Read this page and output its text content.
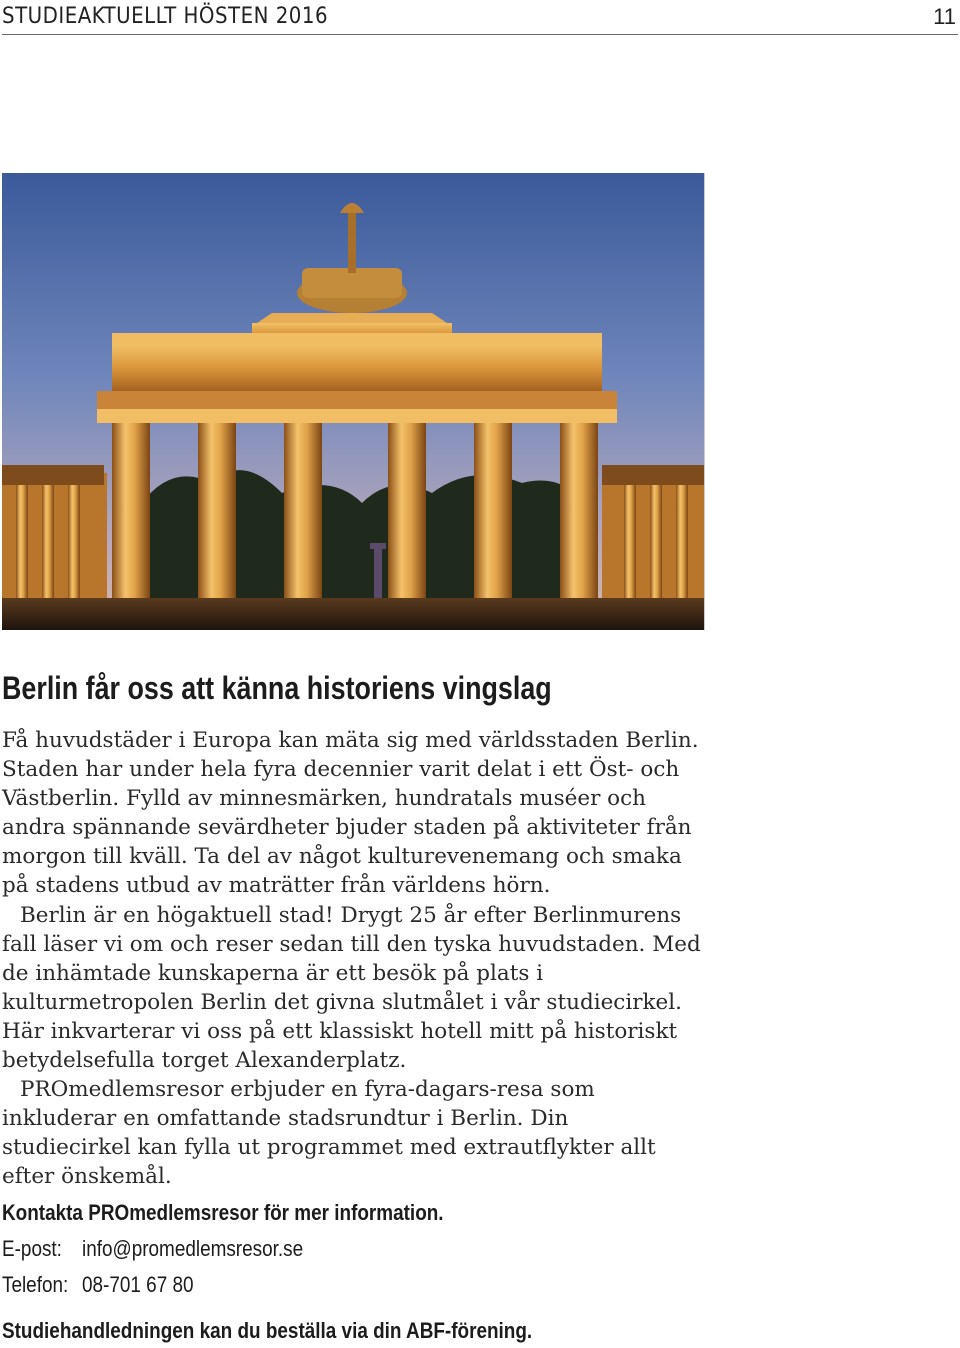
STUDIEAKTUELLT HÖSTEN 2016	11
Berlin får oss att känna historiens vingslag

Få huvudstäder i Europa kan mäta sig med världsstaden Berlin. Staden har under hela fyra decennier varit delat i ett Öst- och Västberlin. Fylld av minnesmärken, hundratals muséer och andra spännande sevärdheter bjuder staden på aktiviteter från morgon till kväll. Ta del av något kulturevenemang och smaka på stadens utbud av maträtter från världens hörn.

Berlin är en högaktuell stad! Drygt 25 år efter Berlinmurens fall läser vi om och reser sedan till den tyska huvudstaden. Med de inhämtade kunskaperna är ett besök på plats i kulturmetropolen Berlin det givna slutmålet i vår studiecirkel. Här inkvarterar vi oss på ett klassiskt hotell mitt på historiskt betydelsefulla torget Alexanderplatz.

PROmedlemsresor erbjuder en fyra-dagars-resa som inkluderar en omfattande stadsrundtur i Berlin. Din studiecirkel kan fylla ut programmet med extrautflykter allt efter önskemål.

Kontakta PROmedlemsresor för mer information.
E-post: info@promedlemsresor.se
Telefon: 08-701 67 80
Studiehandledningen kan du beställa via din ABF-förening.
